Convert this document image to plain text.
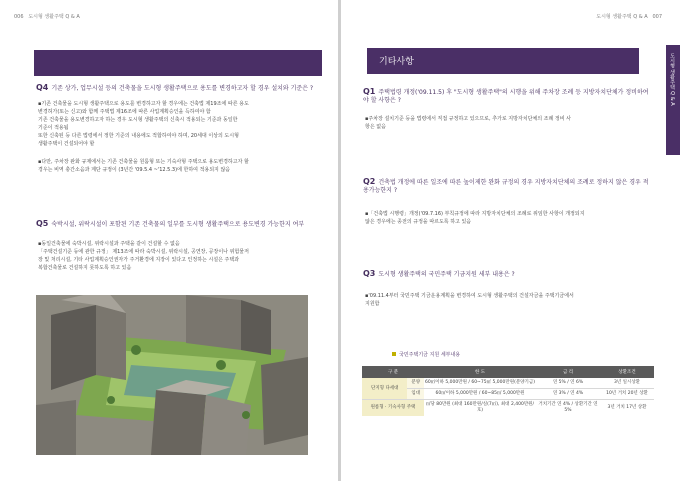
006 도시형 생활주택 Q & A
Q4 기존 상가, 업무시설 등의 건축물을 도시형 생활주택으로 용도를 변경하고자 할 경우 설치와 기준은 ?

▪기존 건축물을 도시형 생활주택으로 용도를 변경하고자 할 경우에는 건축법 제19조에 따른 용도

변경허가(또는 신고)와 함께 주택법 제16조에 따른 사업계획승인을 득하여야 함

기존 건축물을 용도변경하고자 하는 경우 도시형 생활주택의 신축시 적용되는 기준과 동일한

기준이 적용됨

또한 신축된 등 다른 법령에서 정한 기준의 내용에도 적합하여야 하며, 20세대 이상의 도시형

생활주택이 건설되어야 할

▪다만, 주차장 완화 규제에서는 기존 건축물을 원룸형 또는 기숙사형 주택으로 용도변경하고자 할

경우는 비역 충간소음과 계단 규정이 (3년간 '09.5.4 ~'12.5.3)에 한하여 적용되지 않음

Q5 숙박시설, 위락시설이 포함된 기존 건축물의 일부를 도시형 생활주택으로 용도변경 가능한지 여부

▪동일건축물에 숙박시설, 위락시설과 주택을 같이 건설할 수 없음

「주택건설기준 등에 관한 규정」 제13조에 따라 숙박시설, 위락시설, 공연장, 공장이나 위험물저

장 및 처리시설, 기타 사업계획승인권자가 주거환경에 지장이 있다고 인정하는 시설은 주택과

복합건축물로 건설하지 못하도록 하고 있음

도시형 생활주택 Q & A 007
기타사항	도시형 생활주택 Q & A
Q1 주택법령 개정('09.11.5) 후 "도시형 생활주택"의 시행을 위해 주차장 조례 등 지방자치단체가 정비하여야 할 사항은 ?

▪주차장 설치기준 등을 법령에서 직접 규정하고 있으므로, 추가로 지방자치단체의 조례 정비 사

항은 없음

Q2 건축법 개정에 따른 일조에 따른 높이제한 완화 규정의 경우 지방자치단체의 조례로 정하지 않은 경우 적용가능한지 ?

▪「건축법 시행령」개정('09.7.16) 부칙규정에 따라 지방자치단체의 조례로 위임한 사항이 개정되지

않은 경우에는 종전의 규정을 따르도록 하고 있음

Q3 도시형 생활주택의 국민주택 기금지원 세부 내용은 ?

▪'09.11.4부터 국민주택 기금운용계획을 변경하여 도시형 생활주택의 건설자금을 주택기금에서

지원함

국민주택기금 지원 세부내용
구 분		한 도	금 리	상환조건
단지형 다세대	분양	60㎡이하 5,000만원 / 60~75㎡ 5,000만원(분양기금)	연 5% / 연 6%	3년 일시상환
	임대	60㎡이하 5,000만원 / 60~85㎡ 5,000만원	연 3% / 연 4%	10년 거치 20년 상환
원룸형 · 기숙사형 주택		㎡당 80만원 (최대 160만원/실(7㎡), 최대 2,400만원/호)	거치기간 연 4% / 상환기간 연 5%	3년 거치 17년 상환
